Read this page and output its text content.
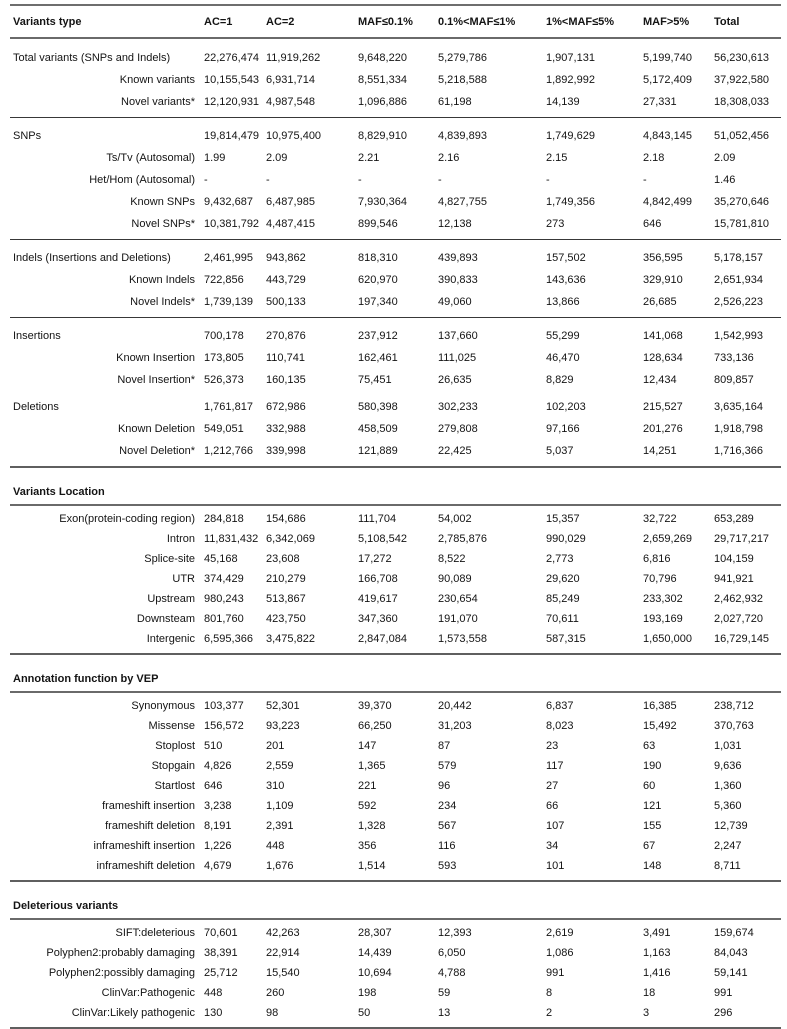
Variants type	AC=1	AC=2	MAF≤0.1%	0.1%<MAF≤1%	1%<MAF≤5%	MAF>5%	Total
Total variants (SNPs and Indels)	22,276,474 11,919,262	9,648,220	5,279,786	1,907,131	5,199,740	56,230,613
Known variants 10,155,543 6,931,714	8,551,334	5,218,588	1,892,992	5,172,409	37,922,580
Novel variants* 12,120,931 4,987,548	1,096,886	61,198	14,139	27,331	18,308,033
SNPs	19,814,479 10,975,400	8,829,910	4,839,893	1,749,629	4,843,145	51,052,456
Ts/Tv (Autosomal) 1.99	2.09	2.21	2.16	2.15	2.18	2.09
Het/Hom (Autosomal) -	-	-	-	-	-	1.46
Known SNPs 9,432,687	6,487,985	7,930,364	4,827,755	1,749,356	4,842,499	35,270,646
Novel SNPs* 10,381,792 4,487,415	899,546	12,138	273	646	15,781,810
Indels (Insertions and Deletions)	2,461,995	943,862	818,310	439,893	157,502	356,595	5,178,157
Known Indels 722,856	443,729	620,970	390,833	143,636	329,910	2,651,934
Novel Indels* 1,739,139	500,133	197,340	49,060	13,866	26,685	2,526,223
Insertions	700,178	270,876	237,912	137,660	55,299	141,068	1,542,993
Known Insertion 173,805	110,741	162,461	111,025	46,470	128,634	733,136
Novel Insertion* 526,373	160,135	75,451	26,635	8,829	12,434	809,857
Deletions	1,761,817	672,986	580,398	302,233	102,203	215,527	3,635,164
Known Deletion 549,051	332,988	458,509	279,808	97,166	201,276	1,918,798
Novel Deletion* 1,212,766	339,998	121,889	22,425	5,037	14,251	1,716,366
Variants Location
Exon(protein-coding region) 284,818	154,686	111,704	54,002	15,357	32,722	653,289
Intron 11,831,432 6,342,069	5,108,542	2,785,876	990,029	2,659,269	29,717,217
Splice-site 45,168	23,608	17,272	8,522	2,773	6,816	104,159
UTR 374,429	210,279	166,708	90,089	29,620	70,796	941,921
Upstream 980,243	513,867	419,617	230,654	85,249	233,302	2,462,932
Downsteam 801,760	423,750	347,360	191,070	70,611	193,169	2,027,720
Intergenic 6,595,366	3,475,822	2,847,084	1,573,558	587,315	1,650,000	16,729,145
Annotation function by VEP
Synonymous 103,377	52,301	39,370	20,442	6,837	16,385	238,712
Missense 156,572	93,223	66,250	31,203	8,023	15,492	370,763
Stoplost 510	201	147	87	23	63	1,031
Stopgain 4,826	2,559	1,365	579	117	190	9,636
Startlost 646	310	221	96	27	60	1,360
frameshift insertion 3,238	1,109	592	234	66	121	5,360
frameshift deletion 8,191	2,391	1,328	567	107	155	12,739
inframeshift insertion 1,226	448	356	116	34	67	2,247
inframeshift deletion 4,679	1,676	1,514	593	101	148	8,711
Deleterious variants
SIFT:deleterious 70,601	42,263	28,307	12,393	2,619	3,491	159,674
Polyphen2:probably damaging 38,391	22,914	14,439	6,050	1,086	1,163	84,043
Polyphen2:possibly damaging 25,712	15,540	10,694	4,788	991	1,416	59,141
ClinVar:Pathogenic 448	260	198	59	8	18	991
ClinVar:Likely pathogenic 130	98	50	13	2	3	296
